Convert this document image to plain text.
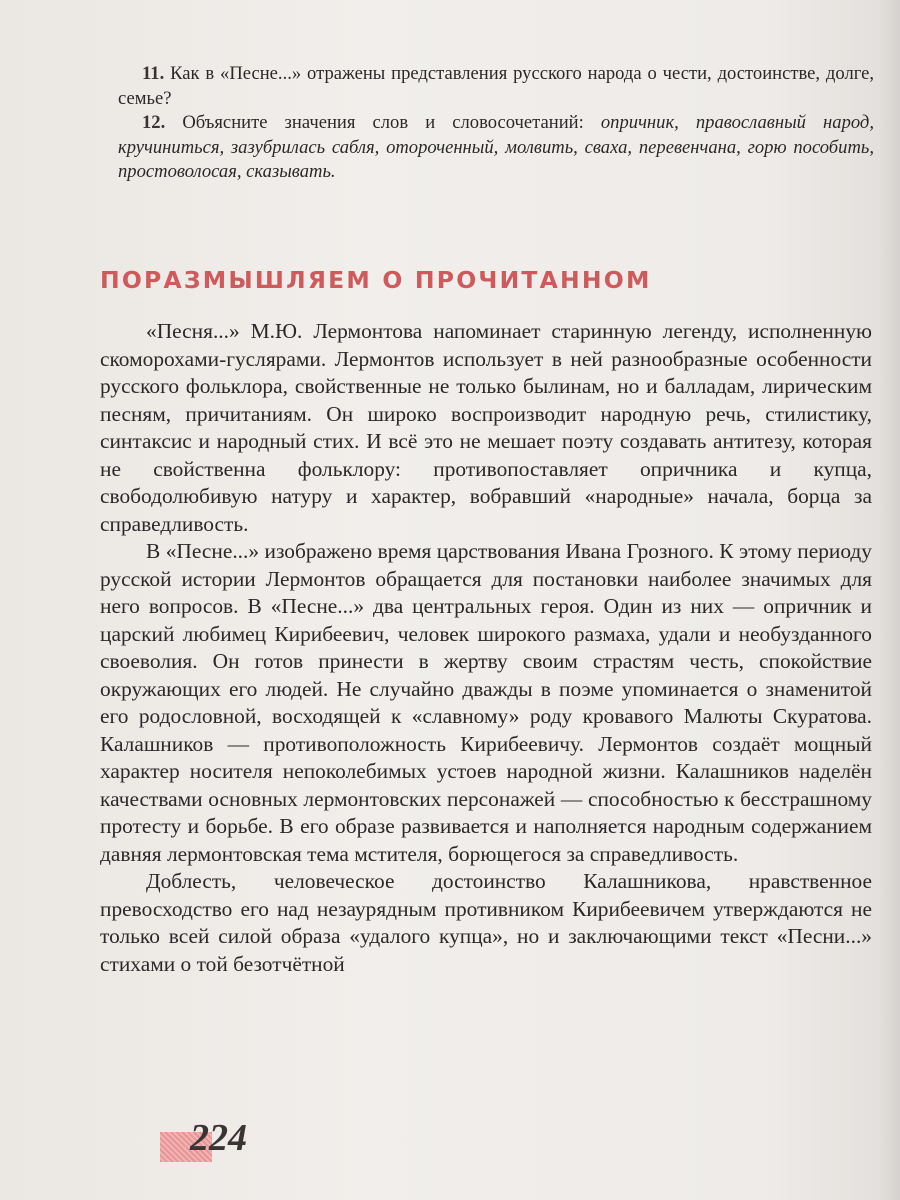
11. Как в «Песне...» отражены представления русского народа о чести, достоинстве, долге, семье?

12. Объясните значения слов и словосочетаний: опричник, православный народ, кручиниться, зазубрилась сабля, отороченный, молвить, сваха, перевенчана, горю пособить, простоволосая, сказывать.

ПОРАЗМЫШЛЯЕМ О ПРОЧИТАННОМ

«Песня...» М.Ю. Лермонтова напоминает старинную легенду, исполненную скоморохами-гуслярами. Лермонтов использует в ней разнообразные особенности русского фольклора, свойственные не только былинам, но и балладам, лирическим песням, причитаниям. Он широко воспроизводит народную речь, стилистику, синтаксис и народный стих. И всё это не мешает поэту создавать антитезу, которая не свойственна фольклору: противопоставляет опричника и купца, свободолюбивую натуру и характер, вобравший «народные» начала, борца за справедливость.

В «Песне...» изображено время царствования Ивана Грозного. К этому периоду русской истории Лермонтов обращается для постановки наиболее значимых для него вопросов. В «Песне...» два центральных героя. Один из них — опричник и царский любимец Кирибеевич, человек широкого размаха, удали и необузданного своеволия. Он готов принести в жертву своим страстям честь, спокойствие окружающих его людей. Не случайно дважды в поэме упоминается о знаменитой его родословной, восходящей к «славному» роду кровавого Малюты Скуратова. Калашников — противоположность Кирибеевичу. Лермонтов создаёт мощный характер носителя непоколебимых устоев народной жизни. Калашников наделён качествами основных лермонтовских персонажей — способностью к бесстрашному протесту и борьбе. В его образе развивается и наполняется народным содержанием давняя лермонтовская тема мстителя, борющегося за справедливость.

Доблесть, человеческое достоинство Калашникова, нравственное превосходство его над незаурядным противником Кирибеевичем утверждаются не только всей силой образа «удалого купца», но и заключающими текст «Песни...» стихами о той безотчётной

224
